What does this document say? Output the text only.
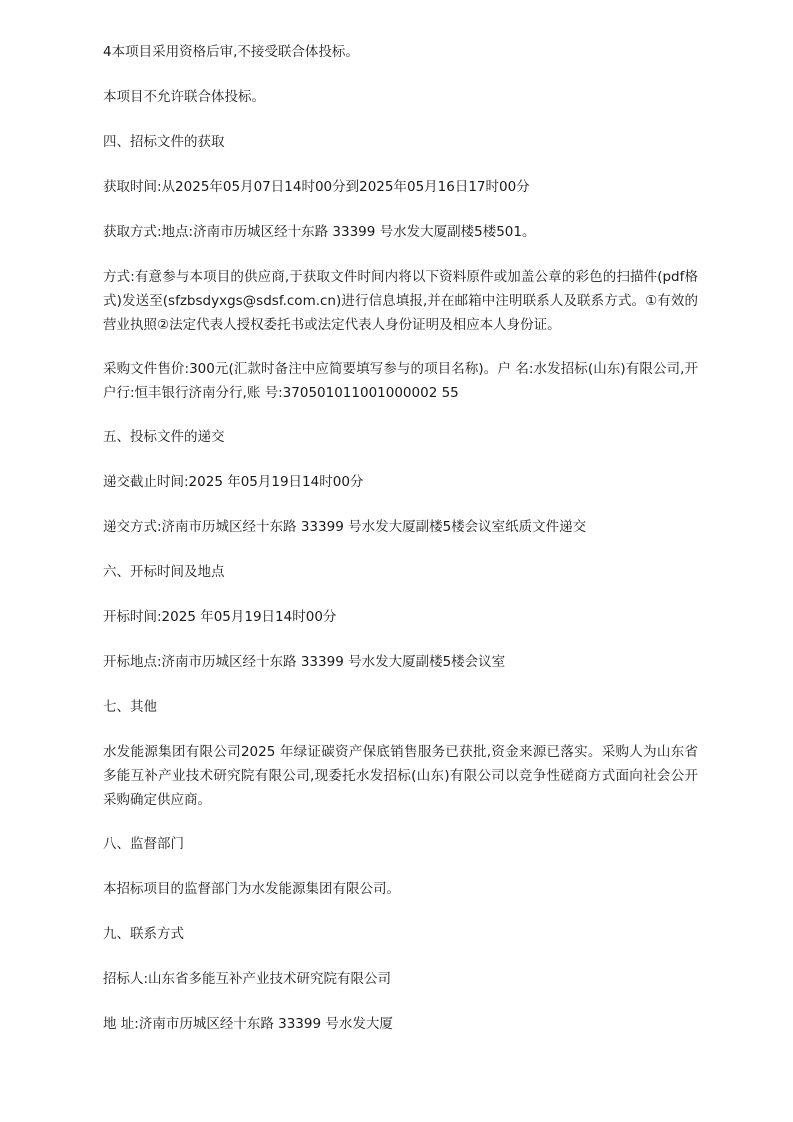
4本项目采用资格后审,不接受联合体投标。

本项目不允许联合体投标。

四、招标文件的获取

获取时间:从2025年05月07日14时00分到2025年05月16日17时00分

获取方式:地点:济南市历城区经十东路 33399 号水发大厦副楼5楼501。

方式:有意参与本项目的供应商,于获取文件时间内将以下资料原件或加盖公章的彩色的扫描件(pdf格式)发送至(sfzbsdyxgs@sdsf.com.cn)进行信息填报,并在邮箱中注明联系人及联系方式。①有效的营业执照②法定代表人授权委托书或法定代表人身份证明及相应本人身份证。

采购文件售价:300元(汇款时备注中应简要填写参与的项目名称)。户 名:水发招标(山东)有限公司,开户行:恒丰银行济南分行,账 号:370501011001000002 55

五、投标文件的递交

递交截止时间:2025 年05月19日14时00分

递交方式:济南市历城区经十东路 33399 号水发大厦副楼5楼会议室纸质文件递交

六、开标时间及地点

开标时间:2025 年05月19日14时00分

开标地点:济南市历城区经十东路 33399 号水发大厦副楼5楼会议室

七、其他

水发能源集团有限公司2025 年绿证碳资产保底销售服务已获批,资金来源已落实。采购人为山东省多能互补产业技术研究院有限公司,现委托水发招标(山东)有限公司以竞争性磋商方式面向社会公开采购确定供应商。

八、监督部门

本招标项目的监督部门为水发能源集团有限公司。

九、联系方式

招标人:山东省多能互补产业技术研究院有限公司

地 址:济南市历城区经十东路 33399 号水发大厦
